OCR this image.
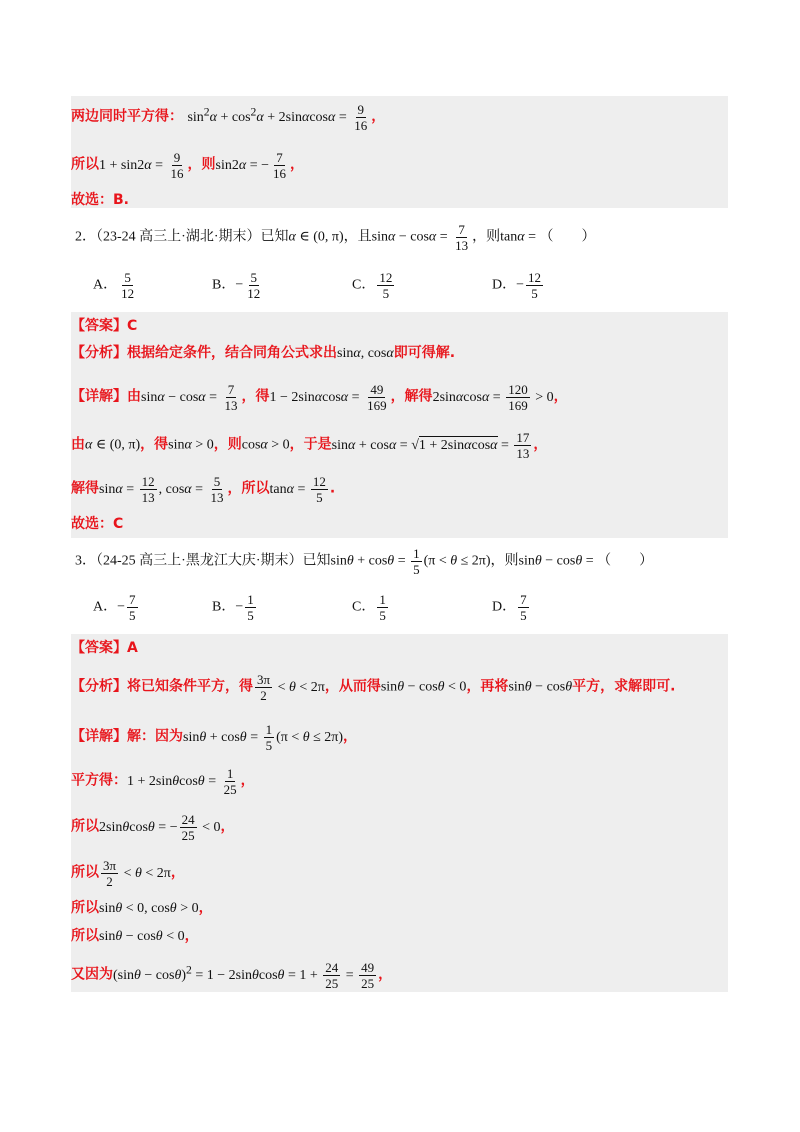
两边同时平方得： $\sin^2\alpha + \cos^2\alpha + 2\sin\alpha\cos\alpha = \frac{9}{16}$ ，
所以$1 + \sin 2\alpha = \frac{9}{16}$ ，则sin2α = − $\frac{7}{16}$ ，
故选：B.
2．（23-24 高三上·湖北·期末）已知α ∈ (0, π)，且$\sin\alpha - \cos\alpha = \frac{7}{13}$ ，则tanα = （　　）
A． $\frac{5}{12}$	B．− $\frac{5}{12}$	C． $\frac{12}{5}$	D．− $\frac{12}{5}$
【答案】C
【分析】根据给定条件，结合同角公式求出sinα, cosα即可得解.
【详解】由$\sin\alpha - \cos\alpha = \frac{7}{13}$ ，得$1 - 2\sin\alpha\cos\alpha = \frac{49}{169}$ ，解得$2\sin\alpha\cos\alpha = \frac{120}{169} > 0$，
由α ∈ (0, π)，得sinα > 0，则cosα > 0，于是$\sin\alpha + \cos\alpha = √1 + 2\sin\alpha\cos\alpha = \frac{17}{13}$ ，
解得$\sin\alpha = \frac{12}{13}$ , $\cos\alpha = \frac{5}{13}$ ，所以$\tan\alpha = \frac{12}{5}$ .
故选：C
3．（24-25 高三上·黑龙江大庆·期末）已知$\sin\theta + \cos\theta = \frac{1}{5} (\pi < \theta \le 2\pi)$，则sinθ − cosθ = （　　）
A．− $\frac{7}{5}$	B．− $\frac{1}{5}$	C． $\frac{1}{5}$	D． $\frac{7}{5}$
【答案】A
【分析】将已知条件平方，得 $\frac{3\pi}{2} < \theta < 2\pi$，从而得sinθ − cosθ < 0，再将sinθ − cosθ平方，求解即可.
【详解】解：因为$\sin\theta + \cos\theta = \frac{1}{5} (\pi < \theta \le 2\pi)$，
平方得：$1 + 2\sin\theta\cos\theta = \frac{1}{25}$ ，
所以2sinθcosθ = − $\frac{24}{25} < 0$，
所以 $\frac{3\pi}{2} < \theta < 2\pi$，
所以sinθ < 0, cosθ > 0，
所以sinθ − cosθ < 0，
又因为$(\sin\theta - \cos\theta)^2 = 1 - 2\sin\theta\cos\theta = 1 + \frac{24}{25} = \frac{49}{25}$ ，
